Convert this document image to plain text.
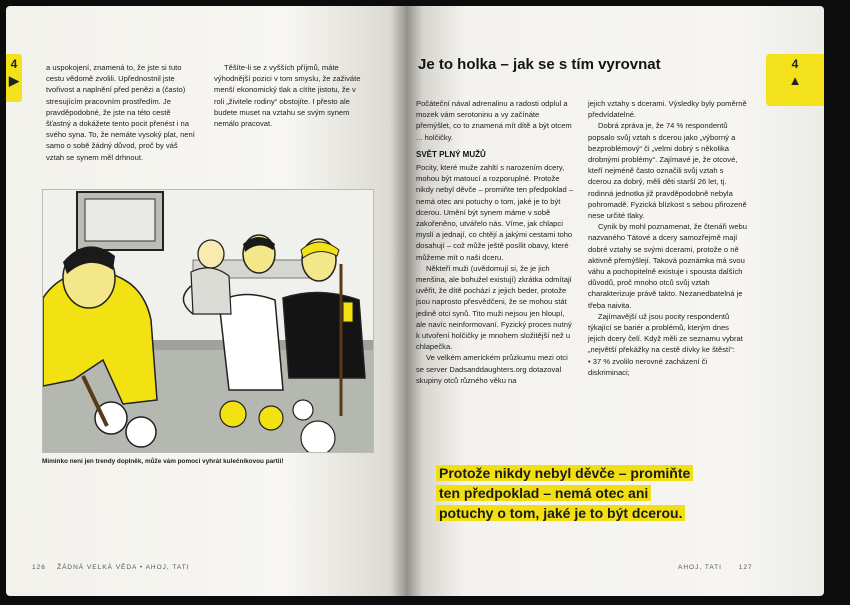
4
▶

a uspokojení, znamená to, že jste si tuto cestu vědomě zvolili. Upřednostnil jste tvořivost a naplnění před penězi a (často) stresujícím pracovním prostředím. Je pravděpodobné, že jste na této cestě šťastný a dokážete tento pocit přenést i na svého syna. To, že nemáte vysoký plat, není samo o sobě žádný důvod, proč by váš vztah se synem měl drhnout.

Těšíte-li se z vyšších příjmů, máte výhodnější pozici v tom smyslu, že zaživáte menší ekonomický tlak a cítíte jistotu, že v roli „živitele rodiny“ obstojíte. I přesto ale budete muset na vztahu se svým synem nemálo pracovat.

Miminko není jen trendy doplněk, může vám pomoci vyhrát kulečníkovou partii!
126 ŽÁDNÁ VELKÁ VĚDA • AHOJ, TATI
Je to holka – jak se s tím vyrovnat	4
▲

Počáteční nával adrenalinu a radosti odplul a mozek vám serotoninu a vy začínáte přemýšlet, co to znamená mít dítě a být otcem ... holčičky.

SVĚT PLNÝ MUŽŮ

Pocity, které muže zahltí s narozením dcery, mohou být matoucí a rozporuplné. Protože nikdy nebyl děvče – promiňte ten předpoklad – nemá otec ani potuchy o tom, jaké je to být dcerou. Umění být synem máme v sobě zakořeněno, utvářelo nás. Víme, jak chlapci myslí a jednají, co chtějí a jakými cestami toho dosahují – což může ještě posílit obavy, které můžeme mít o naši dceru.

Někteří muži (uvědomují si, že je jich menšina, ale bohužel existují) zkrátka odmítají uvěřit, že dítě pochází z jejich beder, protože jsou naprosto přesvědčeni, že se mohou stát jedině otci synů. Tito muži nejsou jen hloupí, ale navíc neinformovaní. Fyzický proces nutný k utvoření holčičky je mnohem složitější než u chlapečka.

Ve velkém americkém průzkumu mezi otci se server Dadsanddaughters.org dotazoval skupiny otců různého věku na

jejich vztahy s dcerami. Výsledky byly poměrně předvídatelné.

Dobrá zpráva je, že 74 % respondentů popsalo svůj vztah s dcerou jako „výborný a bezproblémový“ či „velmi dobrý s několika drobnými problémy“. Zajímavé je, že otcové, kteří nejméně často označili svůj vztah s dcerou za dobrý, měli děti starší 26 let, tj. rodinná jednotka již pravděpodobně nebyla pohromadě. Fyzická blízkost s sebou přirozeně nese určité tlaky.

Cynik by mohl poznamenat, že čtenáři webu nazvaného Tátové a dcery samozřejmě mají dobré vztahy se svými dcerami, protože o ně aktivně přemýšlejí. Taková poznámka má svou váhu a pochopitelně existuje i spousta dalších důvodů, proč mnoho otců svůj vztah charakterizuje právě takto. Nezanedbatelná je třeba naivita.

Zajímavější už jsou pocity respondentů týkající se bariér a problémů, kterým dnes jejich dcery čelí. Když měli ze seznamu vybrat „největší překážky na cestě dívky ke štěstí“:

• 37 % zvolilo nerovné zacházení či diskriminaci;

Protože nikdy nebyl děvče – promiňte
ten předpoklad – nemá otec ani
potuchy o tom, jaké je to být dcerou.
AHOJ, TATI	127
